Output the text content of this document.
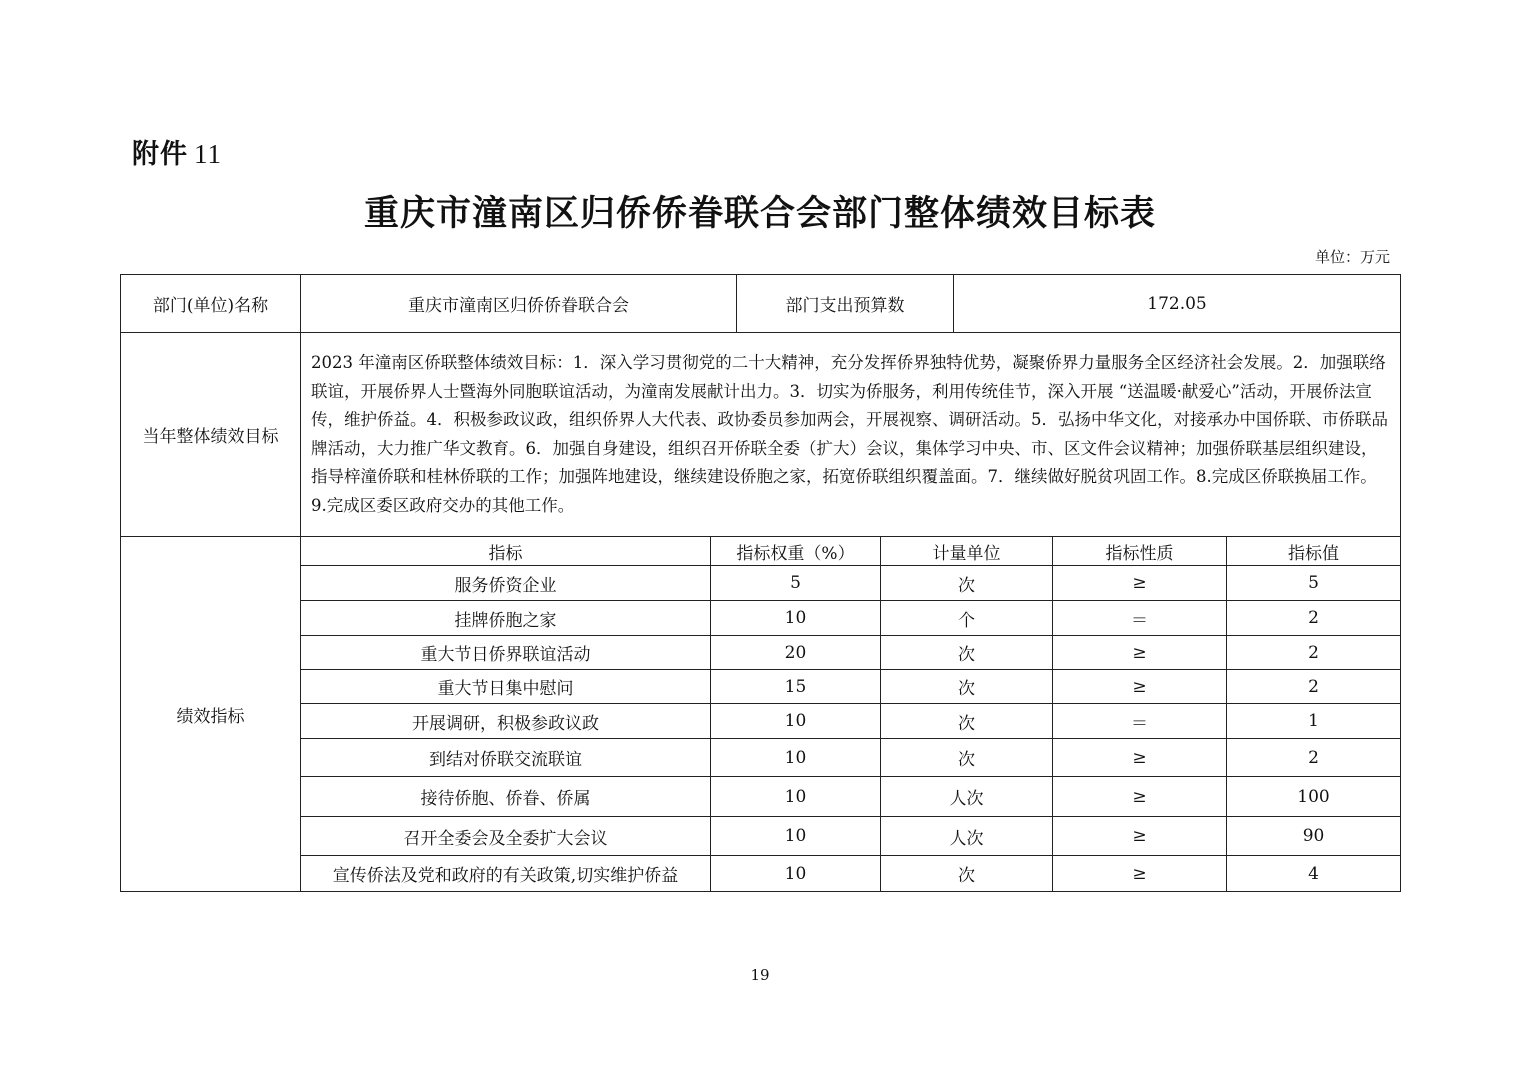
附件 11
重庆市潼南区归侨侨眷联合会部门整体绩效目标表
单位：万元
部门(单位)名称	重庆市潼南区归侨侨眷联合会		部门支出预算数		172.05		
当年整体绩效目标	2023 年潼南区侨联整体绩效目标：1．深入学习贯彻党的二十大精神，充分发挥侨界独特优势，凝聚侨界力量服务全区经济社会发展。2．加强联络联谊，开展侨界人士暨海外同胞联谊活动，为潼南发展献计出力。3．切实为侨服务，利用传统佳节，深入开展 “送温暖·献爱心”活动，开展侨法宣传，维护侨益。4．积极参政议政，组织侨界人大代表、政协委员参加两会，开展视察、调研活动。5．弘扬中华文化，对接承办中国侨联、市侨联品牌活动，大力推广华文教育。6．加强自身建设，组织召开侨联全委（扩大）会议，集体学习中央、市、区文件会议精神；加强侨联基层组织建设，指导梓潼侨联和桂林侨联的工作；加强阵地建设，继续建设侨胞之家，拓宽侨联组织覆盖面。7．继续做好脱贫巩固工作。8.完成区侨联换届工作。9.完成区委区政府交办的其他工作。						
绩效指标	指标	指标权重（%）		计量单位		指标性质	指标值
	服务侨资企业	5		次		≥	5
	挂牌侨胞之家	10		个		＝	2
	重大节日侨界联谊活动	20		次		≥	2
	重大节日集中慰问	15		次		≥	2
	开展调研，积极参政议政	10		次		＝	1
	到结对侨联交流联谊	10		次		≥	2
	接待侨胞、侨眷、侨属	10		人次		≥	100
	召开全委会及全委扩大会议	10		人次		≥	90
	宣传侨法及党和政府的有关政策,切实维护侨益	10		次		≥	4
19
